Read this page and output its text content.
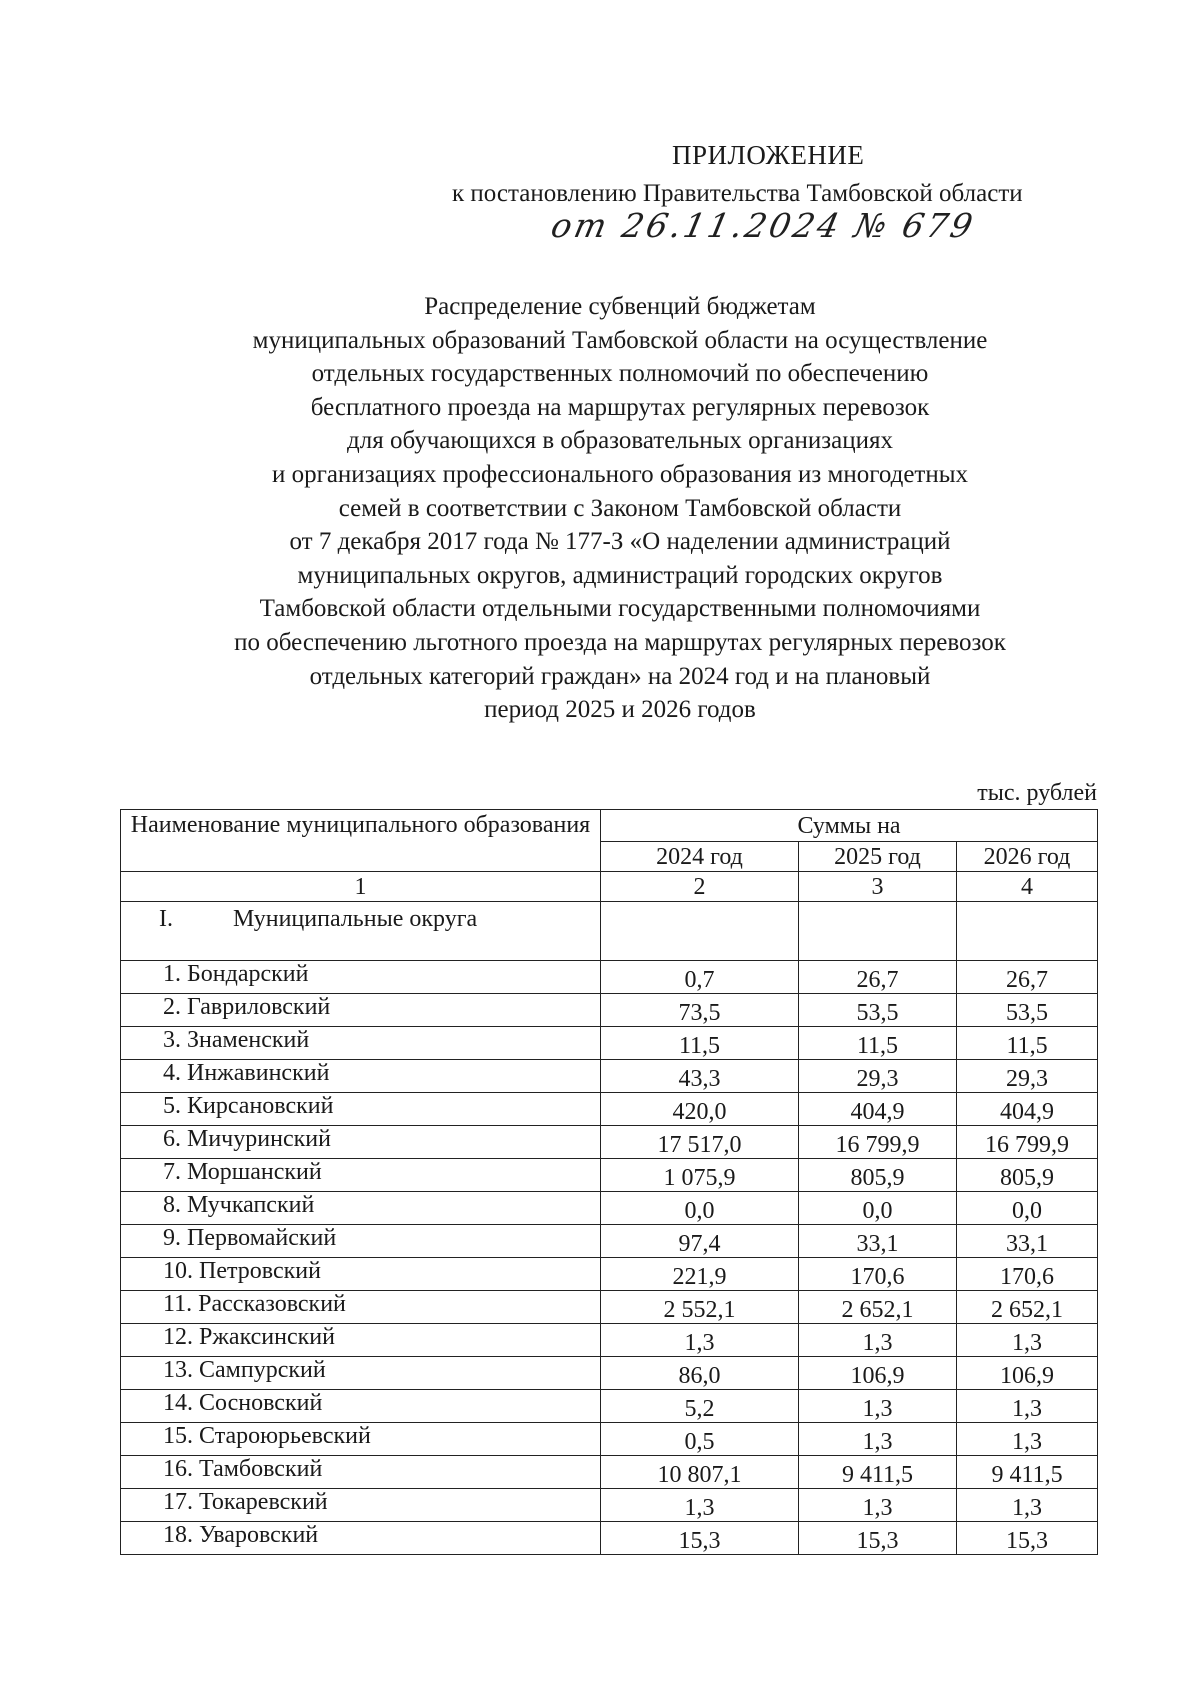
ПРИЛОЖЕНИЕ
к постановлению Правительства Тамбовской области
от 26.11.2024 № 679
Распределение субвенций бюджетам
муниципальных образований Тамбовской области на осуществление
отдельных государственных полномочий по обеспечению
бесплатного проезда на маршрутах регулярных перевозок
для обучающихся в образовательных организациях
и организациях профессионального образования из многодетных
семей в соответствии с Законом Тамбовской области
от 7 декабря 2017 года № 177-З «О наделении администраций
муниципальных округов, администраций городских округов
Тамбовской области отдельными государственными полномочиями
по обеспечению льготного проезда на маршрутах регулярных перевозок
отдельных категорий граждан» на 2024 год и на плановый
период 2025 и 2026 годов
тыс. рублей
Наименование муниципального образования	Суммы на		
	2024 год	2025 год	2026 год
1	2	3	4
I. Муниципальные округа			
1. Бондарский	0,7	26,7	26,7
2. Гавриловский	73,5	53,5	53,5
3. Знаменский	11,5	11,5	11,5
4. Инжавинский	43,3	29,3	29,3
5. Кирсановский	420,0	404,9	404,9
6. Мичуринский	17 517,0	16 799,9	16 799,9
7. Моршанский	1 075,9	805,9	805,9
8. Мучкапский	0,0	0,0	0,0
9. Первомайский	97,4	33,1	33,1
10. Петровский	221,9	170,6	170,6
11. Рассказовский	2 552,1	2 652,1	2 652,1
12. Ржаксинский	1,3	1,3	1,3
13. Сампурский	86,0	106,9	106,9
14. Сосновский	5,2	1,3	1,3
15. Староюрьевский	0,5	1,3	1,3
16. Тамбовский	10 807,1	9 411,5	9 411,5
17. Токаревский	1,3	1,3	1,3
18. Уваровский	15,3	15,3	15,3
